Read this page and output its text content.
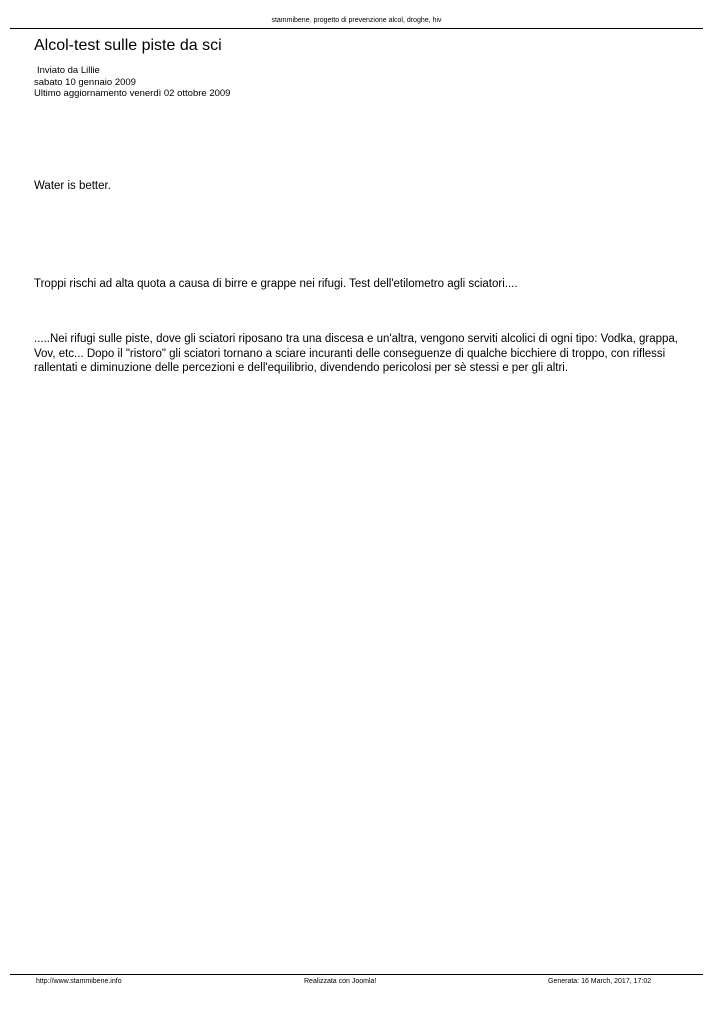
stammibene. progetto di prevenzione alcol, droghe, hiv
Alcol-test sulle piste da sci
Inviato da Lillie
sabato 10 gennaio 2009
Ultimo aggiornamento venerdì 02 ottobre 2009

Water is better.

Troppi rischi ad alta quota a causa di birre e grappe nei rifugi. Test dell'etilometro agli sciatori....

.....Nei rifugi sulle piste, dove gli sciatori riposano tra una discesa e un'altra, vengono serviti alcolici di ogni tipo: Vodka, grappa, Vov, etc... Dopo il "ristoro" gli sciatori tornano a sciare incuranti delle conseguenze di qualche bicchiere di troppo, con riflessi rallentati e diminuzione delle percezioni e dell'equilibrio, divendendo pericolosi per sè stessi e per gli altri.

http://www.stammibene.info	Realizzata con Joomla!	Generata: 16 March, 2017, 17:02
